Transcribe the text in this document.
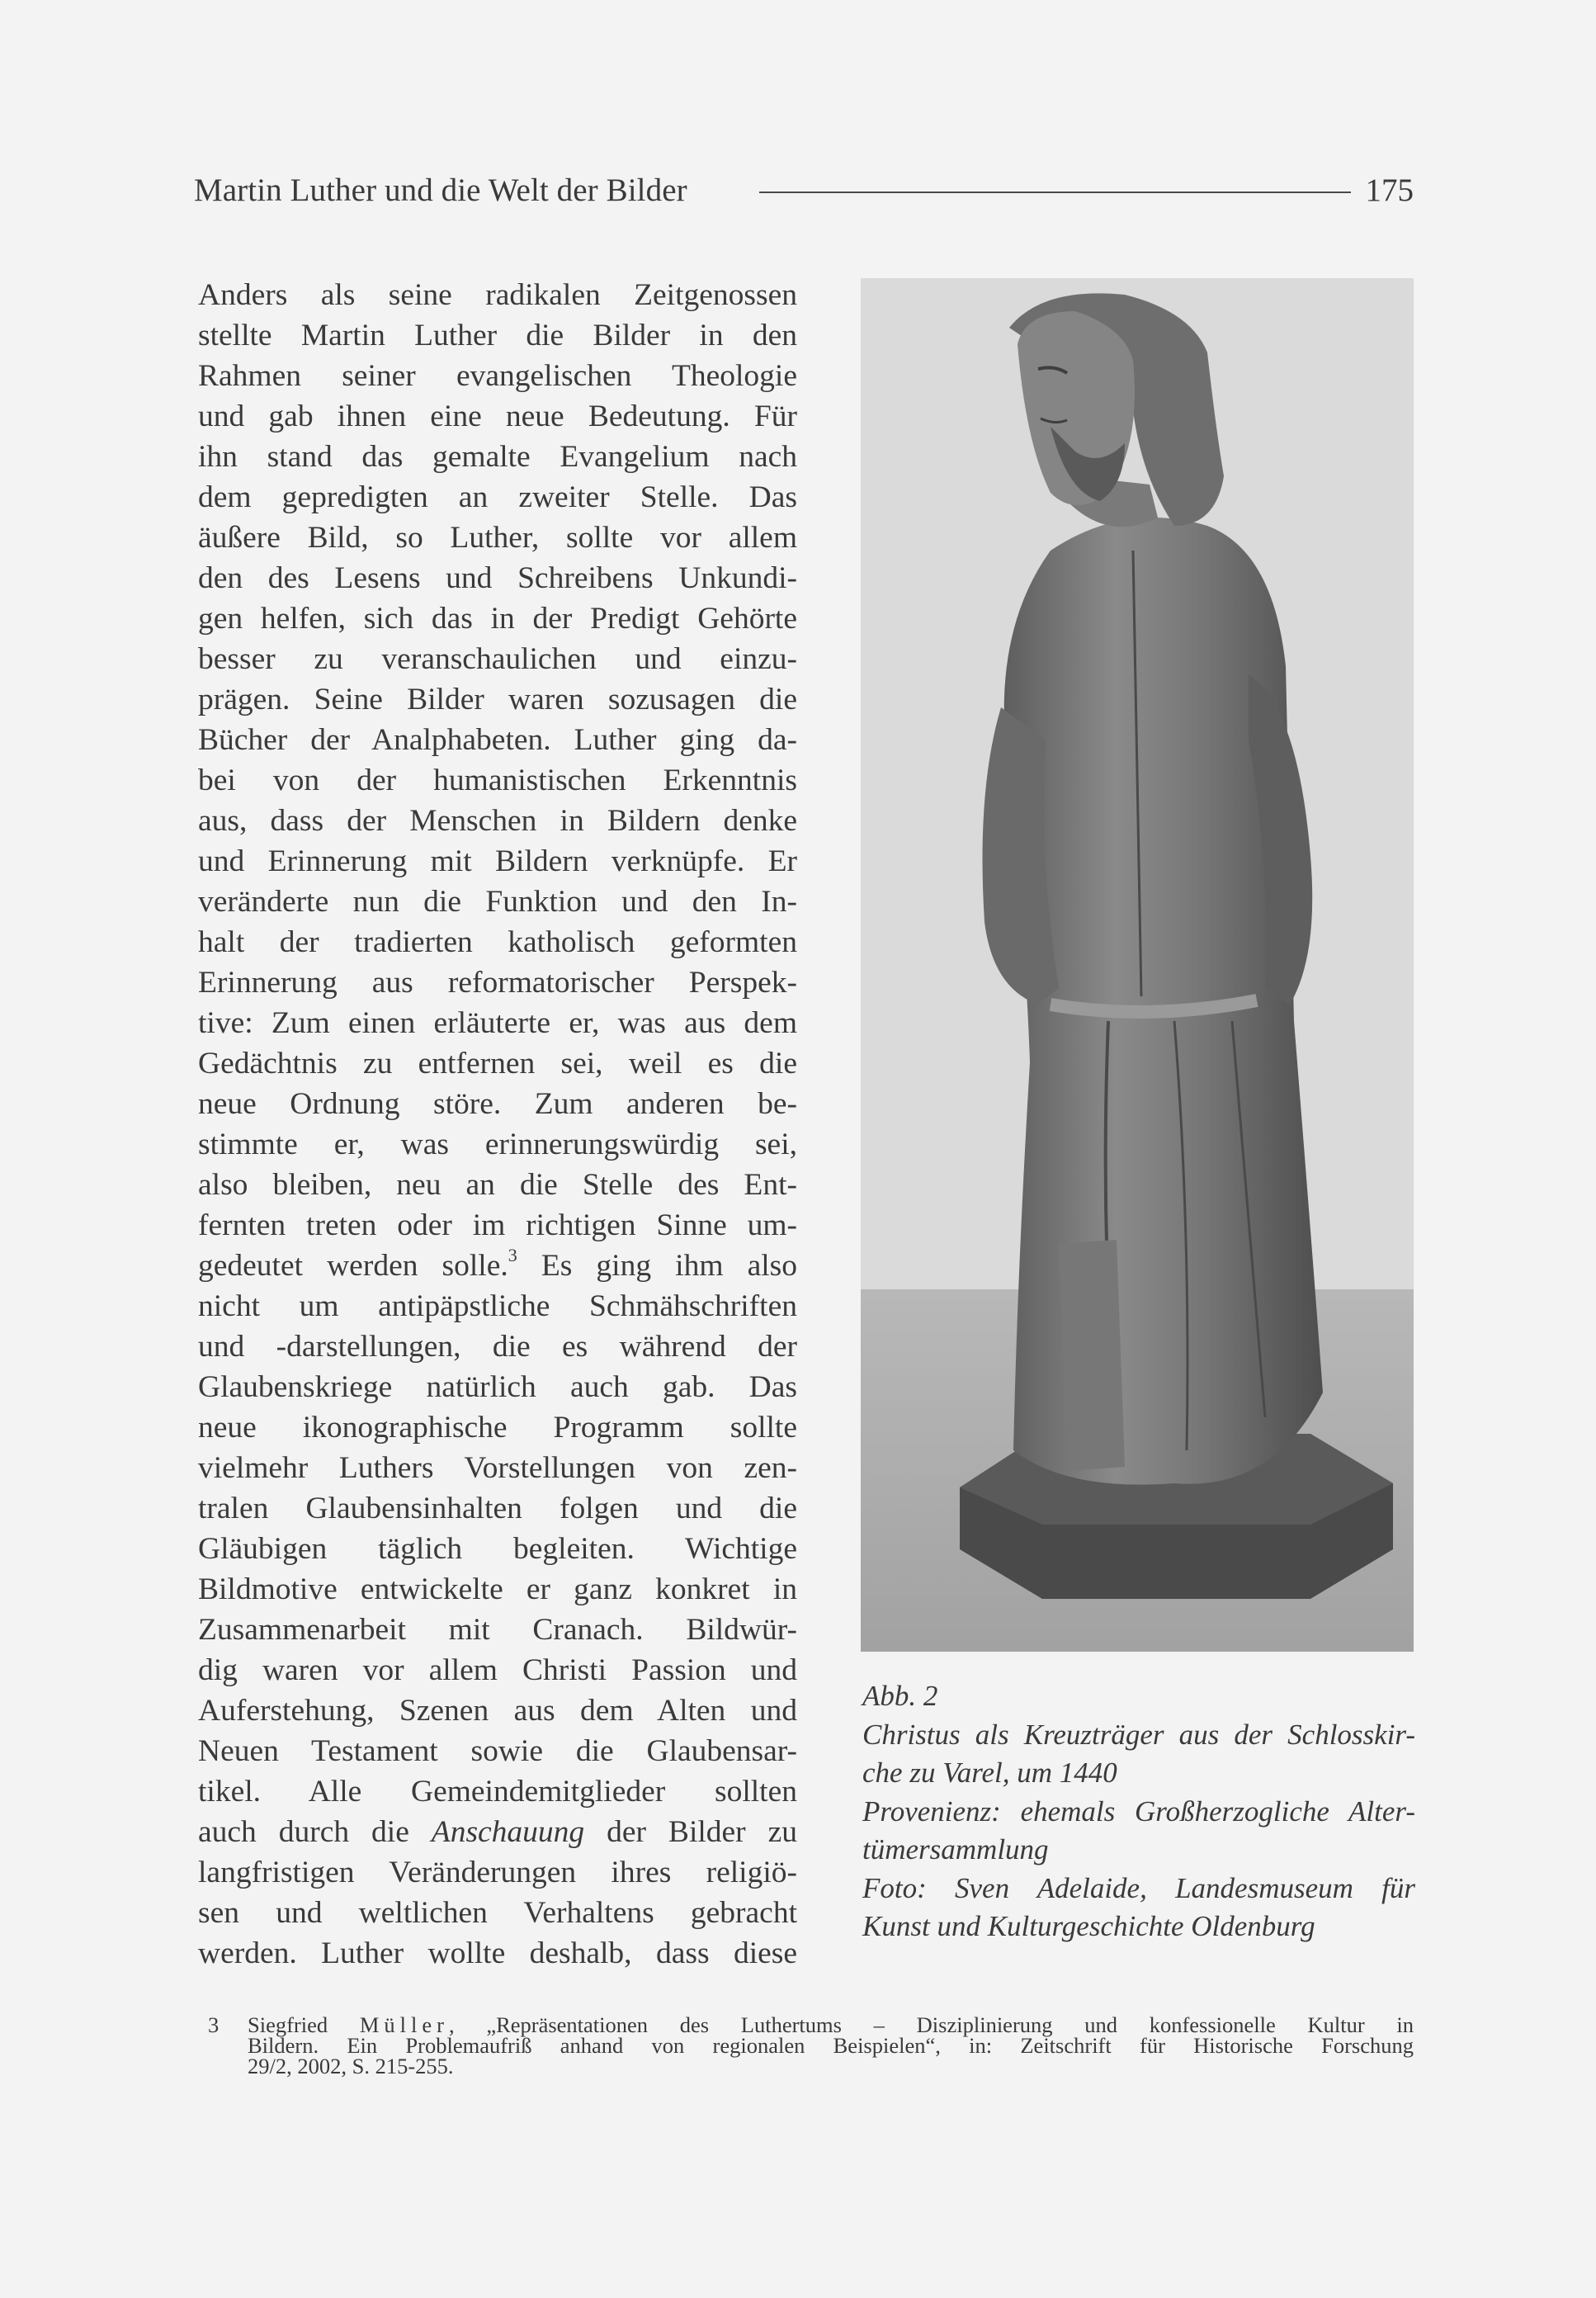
Martin Luther und die Welt der Bilder	175
Anders als seine radikalen Zeitgenossen
stellte Martin Luther die Bilder in den
Rahmen seiner evangelischen Theologie
und gab ihnen eine neue Bedeutung. Für
ihn stand das gemalte Evangelium nach
dem gepredigten an zweiter Stelle. Das
äußere Bild, so Luther, sollte vor allem
den des Lesens und Schreibens Unkundi-
gen helfen, sich das in der Predigt Gehörte
besser zu veranschaulichen und einzu-
prägen. Seine Bilder waren sozusagen die
Bücher der Analphabeten. Luther ging da-
bei von der humanistischen Erkenntnis
aus, dass der Menschen in Bildern denke
und Erinnerung mit Bildern verknüpfe. Er
veränderte nun die Funktion und den In-
halt der tradierten katholisch geformten
Erinnerung aus reformatorischer Perspek-
tive: Zum einen erläuterte er, was aus dem
Gedächtnis zu entfernen sei, weil es die
neue Ordnung störe. Zum anderen be-
stimmte er, was erinnerungswürdig sei,
also bleiben, neu an die Stelle des Ent-
fernten treten oder im richtigen Sinne um-
gedeutet werden solle.$^3$ Es ging ihm also
nicht um antipäpstliche Schmähschriften
und -darstellungen, die es während der
Glaubenskriege natürlich auch gab. Das
neue ikonographische Programm sollte
vielmehr Luthers Vorstellungen von zen-
tralen Glaubensinhalten folgen und die
Gläubigen täglich begleiten. Wichtige
Bildmotive entwickelte er ganz konkret in
Zusammenarbeit mit Cranach. Bildwür-
dig waren vor allem Christi Passion und
Auferstehung, Szenen aus dem Alten und
Neuen Testament sowie die Glaubensar-
tikel. Alle Gemeindemitglieder sollten
auch durch die Anschauung der Bilder zu
langfristigen Veränderungen ihres religiö-
sen und weltlichen Verhaltens gebracht
werden. Luther wollte deshalb, dass diese
Abb. 2
Christus als Kreuzträger aus der Schlosskir-
che zu Varel, um 1440
Provenienz: ehemals Großherzogliche Alter-
tümersammlung
Foto: Sven Adelaide, Landesmuseum für
Kunst und Kulturgeschichte Oldenburg
3 Siegfried Müller, „Repräsentationen des Luthertums – Disziplinierung und konfessionelle Kultur in
Bildern. Ein Problemaufriß anhand von regionalen Beispielen“, in: Zeitschrift für Historische Forschung
29/2, 2002, S. 215-255.
